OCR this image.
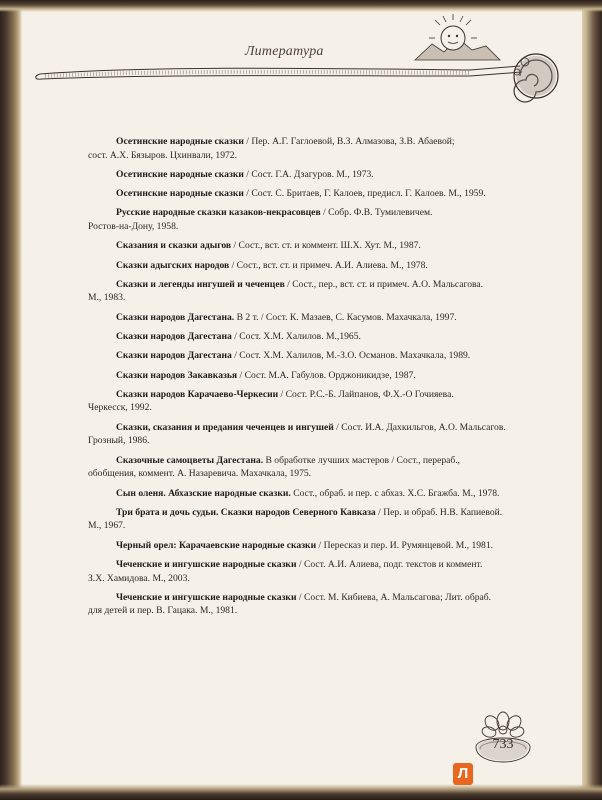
Литература
Осетинские народные сказки / Пер. А.Г. Гаглоевой, В.З. Алмазова, З.В. Абаевой;
сост. А.Х. Бязыров. Цхинвали, 1972.
Осетинские народные сказки / Сост. Г.А. Дзагуров. М., 1973.
Осетинские народные сказки / Сост. С. Бритаев, Г. Калоев, предисл. Г. Калоев. М., 1959.
Русские народные сказки казаков-некрасовцев / Собр. Ф.В. Тумилевичем.
Ростов-на-Дону, 1958.
Сказания и сказки адыгов / Сост., вст. ст. и коммент. Ш.Х. Хут. М., 1987.
Сказки адыгских народов / Сост., вст. ст. и примеч. А.И. Алиева. М., 1978.
Сказки и легенды ингушей и чеченцев / Сост., пер., вст. ст. и примеч. А.О. Мальсагова.
М., 1983.
Сказки народов Дагестана. В 2 т. / Сост. К. Мазаев, С. Касумов. Махачкала, 1997.
Сказки народов Дагестана / Сост. Х.М. Халилов. М.,1965.
Сказки народов Дагестана / Сост. Х.М. Халилов, М.-З.О. Османов. Махачкала, 1989.
Сказки народов Закавказья / Сост. М.А. Габулов. Орджоникидзе, 1987.
Сказки народов Карачаево-Черкесии / Сост. Р.С.-Б. Лайпанов, Ф.Х.-О Гочияева.
Черкесск, 1992.
Сказки, сказания и предания чеченцев и ингушей / Сост. И.А. Дахкильгов, А.О. Мальсагов.
Грозный, 1986.
Сказочные самоцветы Дагестана. В обработке лучших мастеров / Сост., перераб.,
обобщения, коммент. А. Назаревича. Махачкала, 1975.
Сын оленя. Абхазские народные сказки. Сост., обраб. и пер. с абхаз. Х.С. Бгажба. М., 1978.
Три брата и дочь судьи. Сказки народов Северного Кавказа / Пер. и обраб. Н.В. Капиевой.
М., 1967.
Черный орел: Карачаевские народные сказки / Пересказ и пер. И. Румянцевой. М., 1981.
Чеченские и ингушские народные сказки / Сост. А.И. Алиева, подг. текстов и коммент.
З.Х. Хамидова. М., 2003.
Чеченские и ингушские народные сказки / Сост. М. Кибиева, А. Мальсагова; Лит. обраб.
для детей и пер. В. Гацака. М., 1981.
733
Л
